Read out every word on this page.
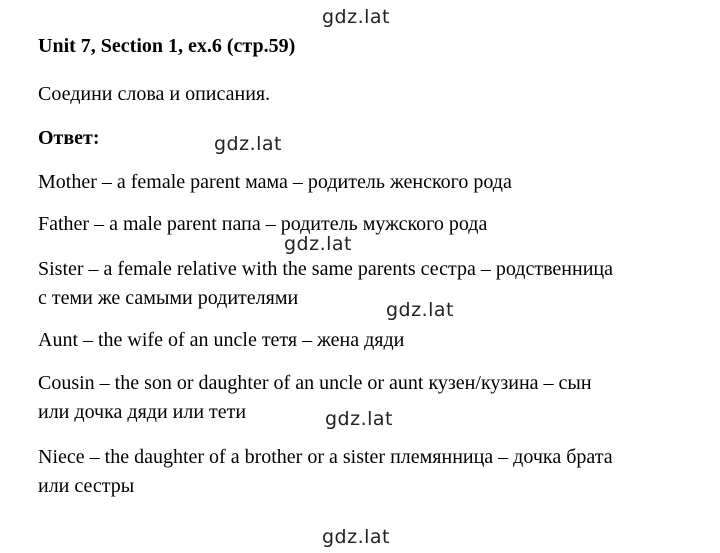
gdz.lat
Unit 7, Section 1, ex.6 (стр.59)
Соедини слова и описания.
Ответ:	gdz.lat
Mother – a female parent мама – родитель женского рода
Father – a male parent папа – родитель мужского рода
gdz.lat
Sister – a female relative with the same parents сестра – родственница
с теми же самыми родителями
gdz.lat
Aunt – the wife of an uncle тетя – жена дяди
Cousin – the son or daughter of an uncle or aunt кузен/кузина – сын
или дочка дяди или тети	gdz.lat
Niece – the daughter of a brother or a sister племянница – дочка брата
или сестры
gdz.lat
